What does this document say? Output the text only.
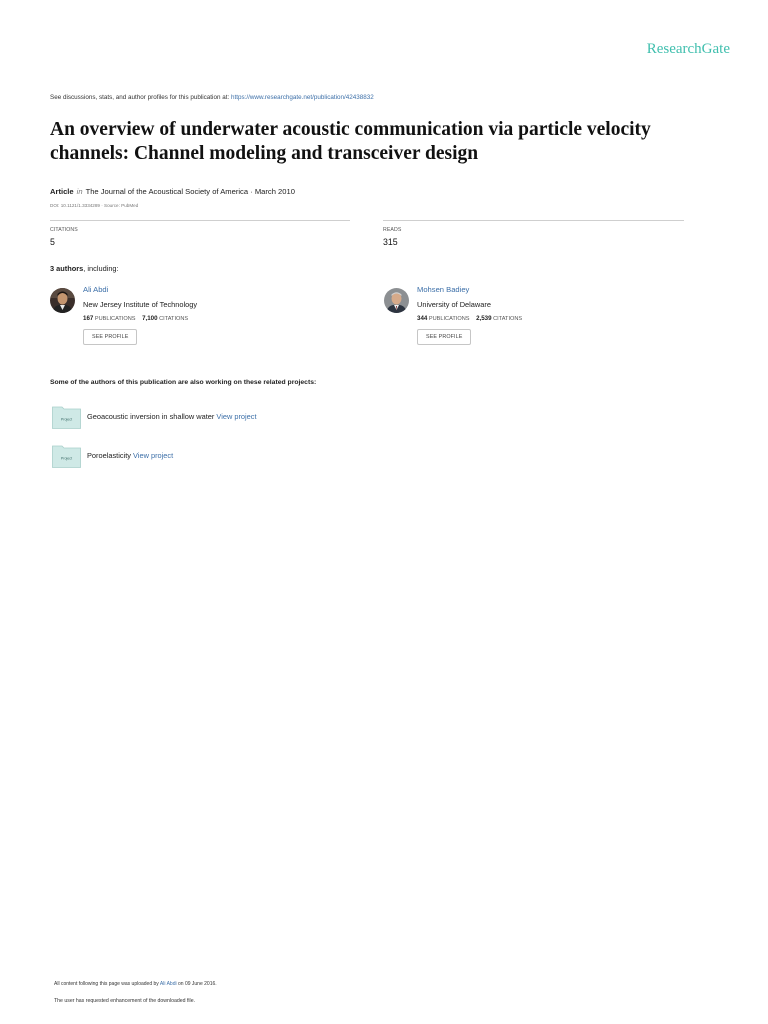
ResearchGate
See discussions, stats, and author profiles for this publication at: https://www.researchgate.net/publication/42438832
An overview of underwater acoustic communication via particle velocity channels: Channel modeling and transceiver design
Article in The Journal of the Acoustical Society of America · March 2010
DOI: 10.1121/1.3334289 · Source: PubMed
CITATIONS
5
READS
315
3 authors, including:
Ali Abdi
New Jersey Institute of Technology
167 PUBLICATIONS 7,100 CITATIONS
SEE PROFILE
Mohsen Badiey
University of Delaware
344 PUBLICATIONS 2,539 CITATIONS
SEE PROFILE
Some of the authors of this publication are also working on these related projects:
Project Geoacoustic inversion in shallow water View project
Project Poroelasticity View project
All content following this page was uploaded by Ali Abdi on 09 June 2016.
The user has requested enhancement of the downloaded file.
